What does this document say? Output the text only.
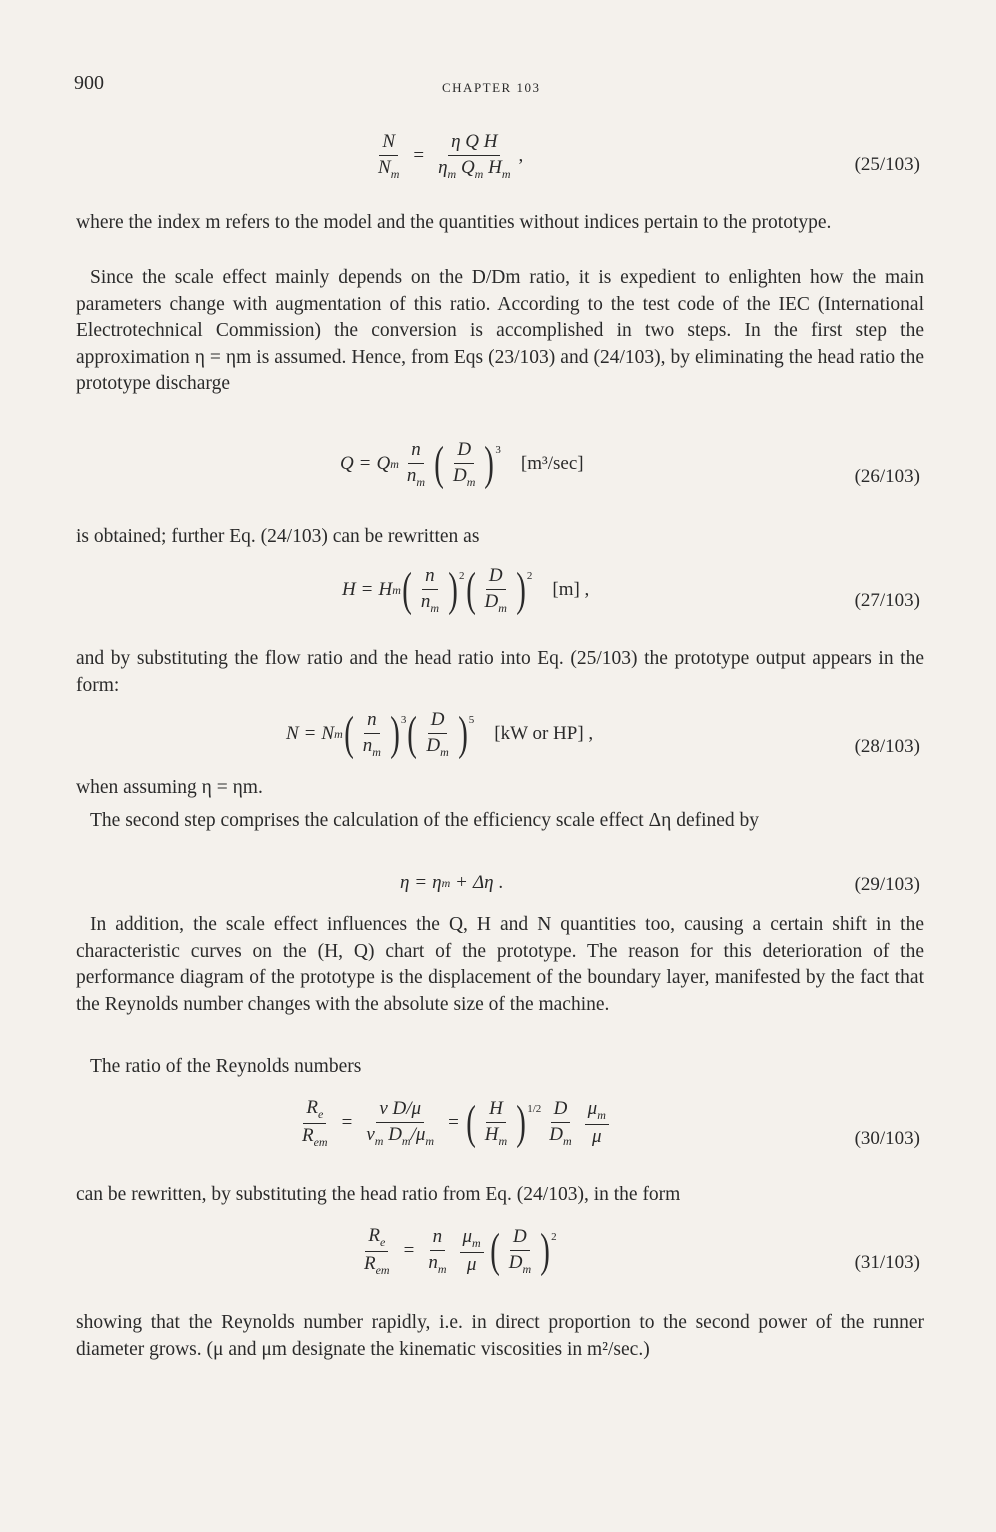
900	CHAPTER 103
$\frac{N}{N_m} = \frac{\text{η Q H}}{\eta_m Q_m H_m}$ ,	(25/103)

where the index m refers to the model and the quantities without indices pertain to the prototype.

Since the scale effect mainly depends on the D/Dm ratio, it is expedient to enlighten how the main parameters change with augmentation of this ratio. According to the test code of the IEC (International Electrotechnical Commission) the conversion is accomplished in two steps. In the first step the approximation η = ηm is assumed. Hence, from Eqs (23/103) and (24/103), by eliminating the head ratio the prototype discharge

Q = Q m $\frac{n}{n_m}$ ( $\frac{D}{D_m} )^3$
[m³/sec]
(26/103)

is obtained; further Eq. (24/103) can be rewritten as

H = H m ( $\frac{n}{n_m} )^2$ ( $\frac{D}{D_m} )^2$
[m] ,
(27/103)

and by substituting the flow ratio and the head ratio into Eq. (25/103) the prototype output appears in the form:

N = N m ( $\frac{n}{n_m} )^3$ ( $\frac{D}{D_m} )^5$
[kW or HP] ,
(28/103)

when assuming η = ηm.

The second step comprises the calculation of the efficiency scale effect Δη defined by

η = η m + Δη .	(29/103)

In addition, the scale effect influences the Q, H and N quantities too, causing a certain shift in the characteristic curves on the (H, Q) chart of the prototype. The reason for this deterioration of the performance diagram of the prototype is the displacement of the boundary layer, manifested by the fact that the Reynolds number changes with the absolute size of the machine.

The ratio of the Reynolds numbers

$\frac{R_e}{R_{em}} = \frac{\text{v D/μ}}{v_m D_m/\mu_m}$ = ( $\frac{H}{H_m} )^{1/2} \frac{D}{D_m} \frac{\mu_m}{\mu}$	(30/103)

can be rewritten, by substituting the head ratio from Eq. (24/103), in the form

$\frac{R_e}{R_{em}} = \frac{n}{n_m} \frac{\mu_m}{\mu}$ ( $\frac{D}{D_m} )^2$
(31/103)

showing that the Reynolds number rapidly, i.e. in direct proportion to the second power of the runner diameter grows. (μ and μm designate the kinematic viscosities in m²/sec.)
